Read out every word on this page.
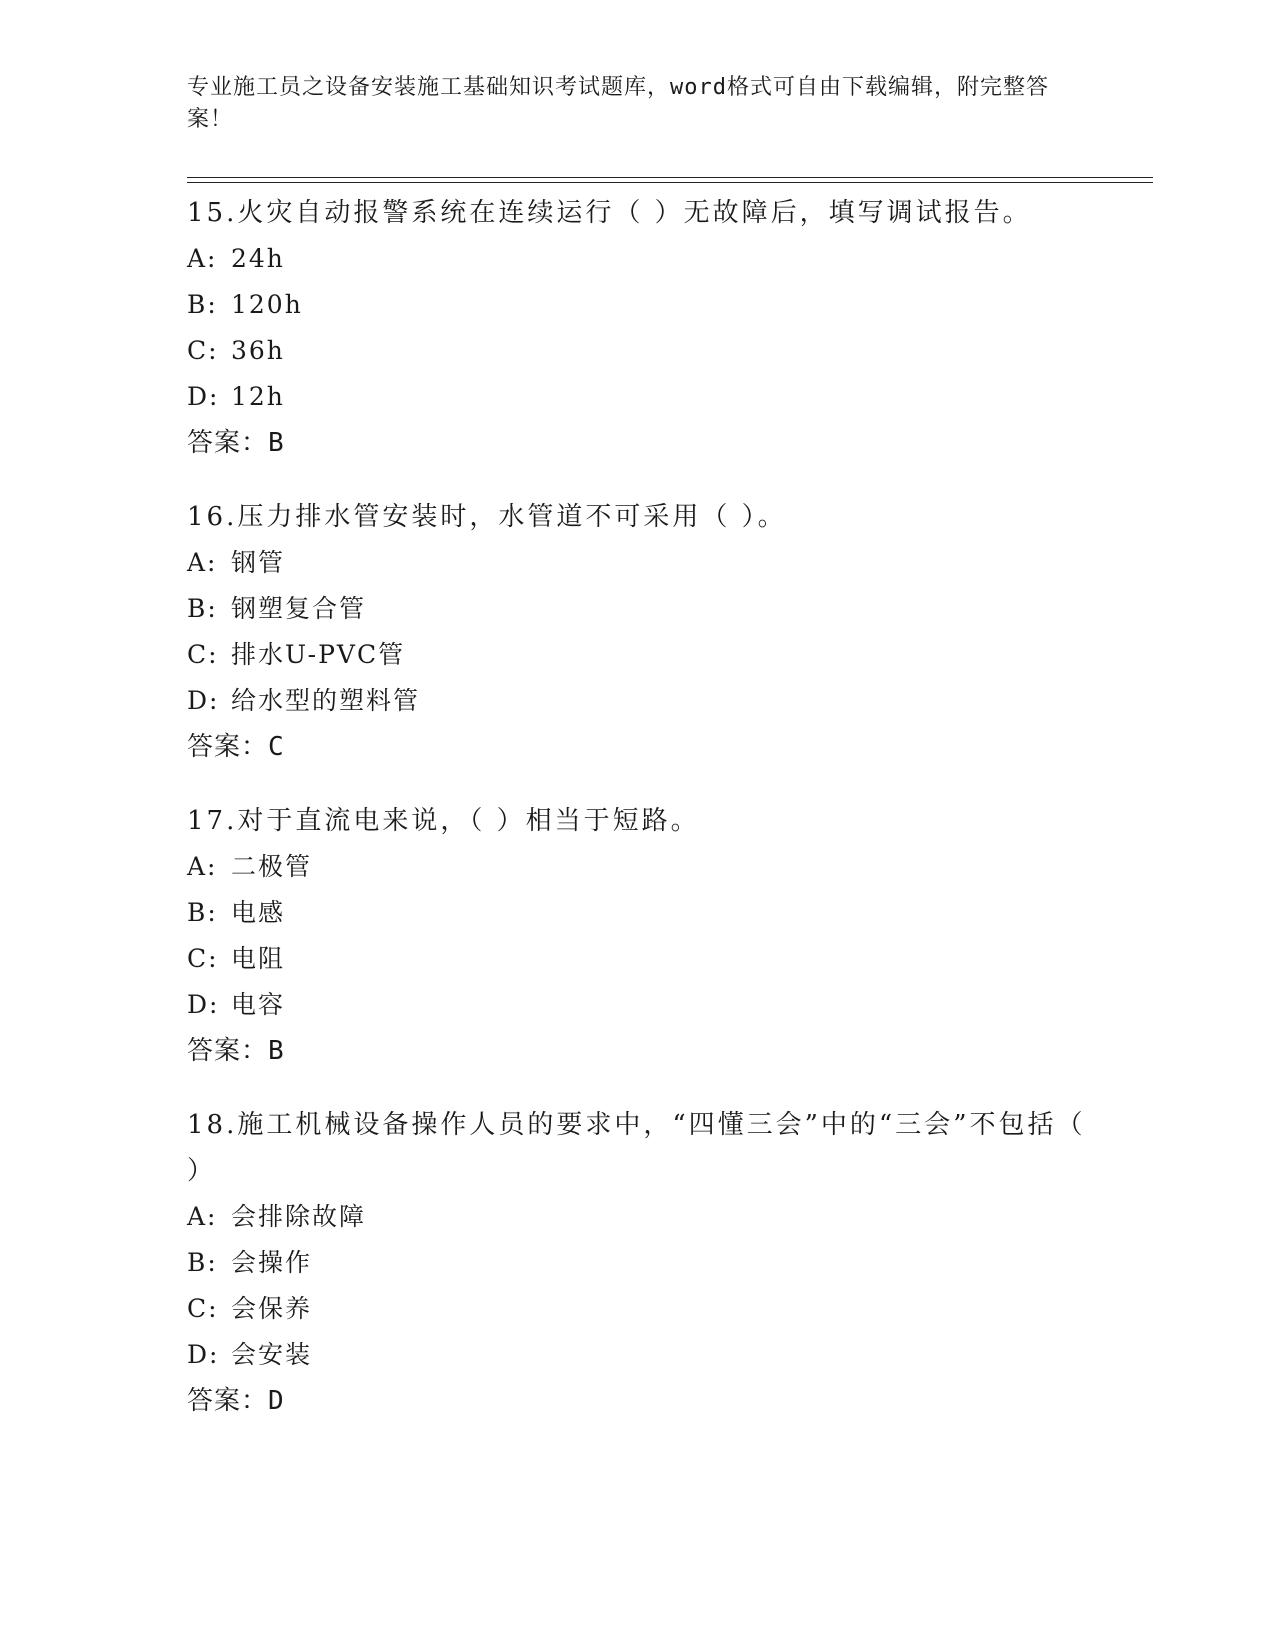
专业施工员之设备安装施工基础知识考试题库，word格式可自由下载编辑，附完整答案！
15.火灾自动报警系统在连续运行（ ）无故障后，填写调试报告。
A: 24h
B: 120h
C: 36h
D: 12h
答案：B
16.压力排水管安装时，水管道不可采用（ ）。
A: 钢管
B: 钢塑复合管
C: 排水U-PVC管
D: 给水型的塑料管
答案：C
17.对于直流电来说，（ ）相当于短路。
A: 二极管
B: 电感
C: 电阻
D: 电容
答案：B
18.施工机械设备操作人员的要求中，“四懂三会”中的“三会”不包括（ ）
A: 会排除故障
B: 会操作
C: 会保养
D: 会安装
答案：D
